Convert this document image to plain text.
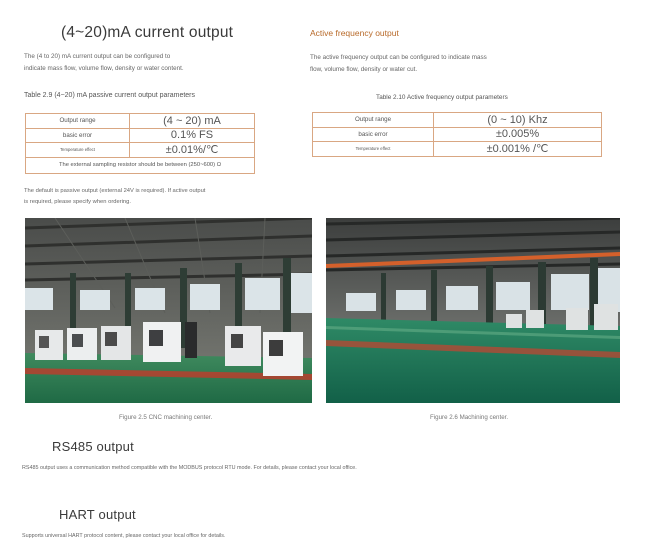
(4~20)mA current output
The (4 to 20) mA current output can be configured to
indicate mass flow, volume flow, density or water content.
Table 2.9 (4~20) mA passive current output parameters
Output range	(4 ~ 20) mA
basic error	0.1% FS
Temperature effect	±0.01%/℃
The external sampling resistor should be between (250~600) Ω	
The default is passive output (external 24V is required). If active output
is required, please specify when ordering.
Active frequency output
The active frequency output can be configured to indicate mass
flow, volume flow, density or water cut.
Table 2.10 Active frequency output parameters
Output range	(0 ~ 10) Khz
basic error	±0.005%
Temperature effect	±0.001% /℃
Figure 2.5 CNC machining center.	Figure 2.6 Machining center.
RS485 output
RS485 output uses a communication method compatible with the MODBUS protocol RTU mode. For details, please contact your local office.
HART output
Supports universal HART protocol content, please contact your local office for details.
